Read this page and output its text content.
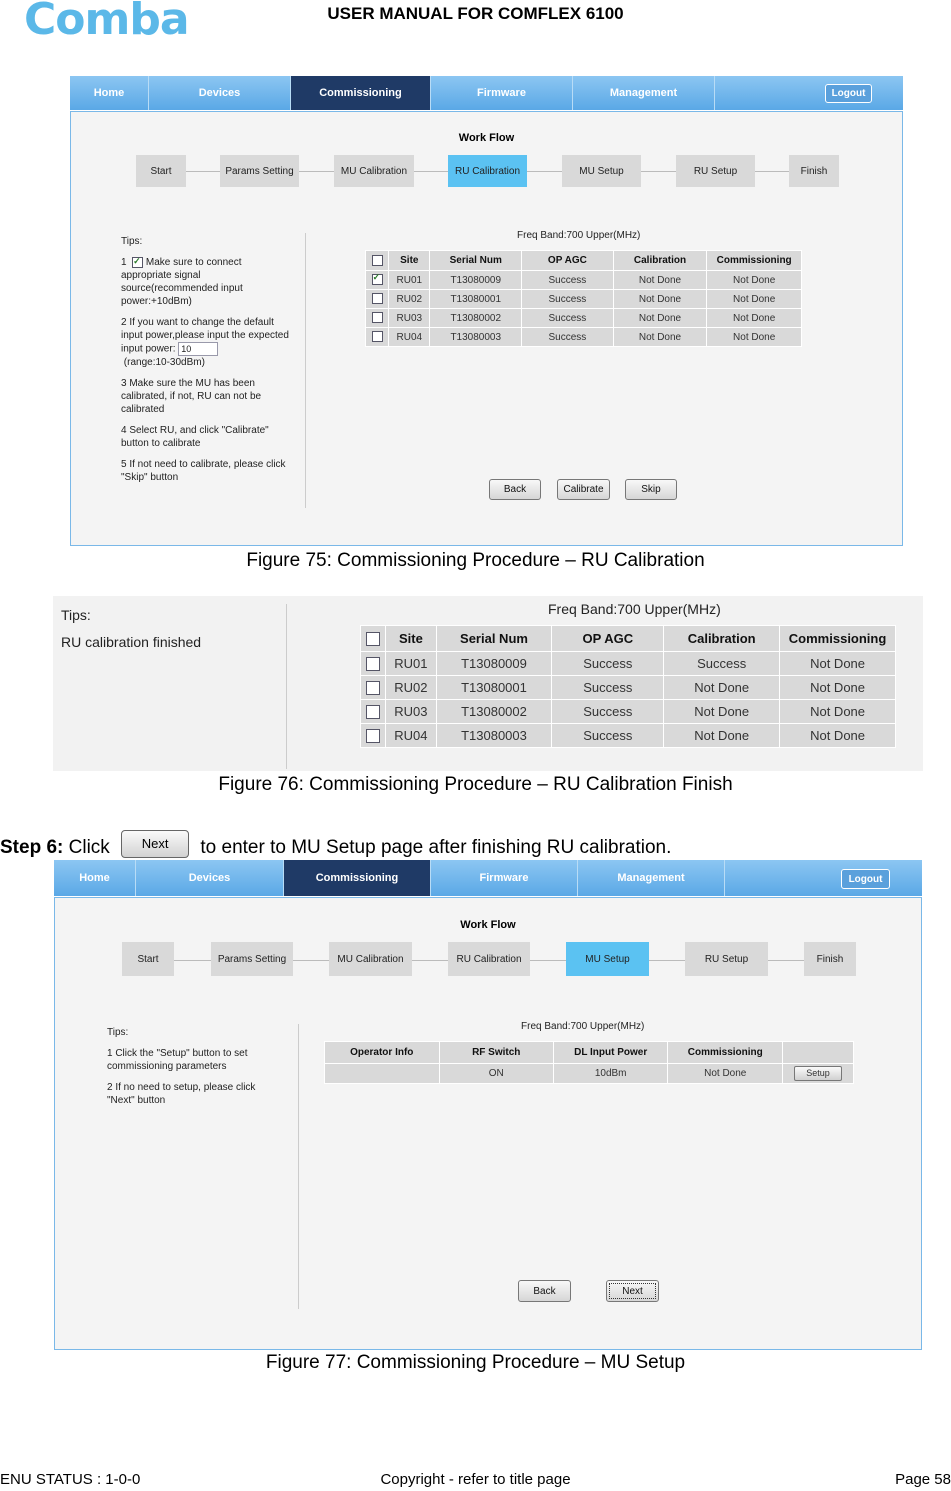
Comba	USER MANUAL FOR COMFLEX 6100
Home	Devices	Commissioning	Firmware	Management	Logout
Work Flow
Start	Params Setting	MU Calibration	RU Calibration	MU Setup	RU Setup	Finish

Tips:

1 ✓ Make sure to connect appropriate signal source(recommended input power:+10dBm)

2 If you want to change the default input power,please input the expected input power: 10
(range:10-30dBm)

3 Make sure the MU has been calibrated, if not, RU can not be calibrated

4 Select RU, and click "Calibrate" button to calibrate

5 If not need to calibrate, please click "Skip" button

Freq Band:700 Upper(MHz)
	Site	Serial Num	OP AGC	Calibration	Commissioning
✓	RU01	T13080009	Success	Not Done	Not Done
	RU02	T13080001	Success	Not Done	Not Done
	RU03	T13080002	Success	Not Done	Not Done
	RU04	T13080003	Success	Not Done	Not Done
Back	Calibrate	Skip
Figure 75: Commissioning Procedure – RU Calibration

Tips:

RU calibration finished

Freq Band:700 Upper(MHz)
	Site	Serial Num	OP AGC	Calibration	Commissioning
	RU01	T13080009	Success	Success	Not Done
	RU02	T13080001	Success	Not Done	Not Done
	RU03	T13080002	Success	Not Done	Not Done
	RU04	T13080003	Success	Not Done	Not Done
Figure 76: Commissioning Procedure – RU Calibration Finish
Step 6: Click Next to enter to MU Setup page after finishing RU calibration.
Home	Devices	Commissioning	Firmware	Management	Logout
Work Flow
Start	Params Setting	MU Calibration	RU Calibration	MU Setup	RU Setup	Finish

Tips:

1 Click the "Setup" button to set commissioning parameters

2 If no need to setup, please click "Next" button

Freq Band:700 Upper(MHz)
Operator Info	RF Switch	DL Input Power	Commissioning	
	ON	10dBm	Not Done	Setup
Back	Next
Figure 77: Commissioning Procedure – MU Setup
ENU STATUS : 1-0-0	Copyright - refer to title page	Page 58
